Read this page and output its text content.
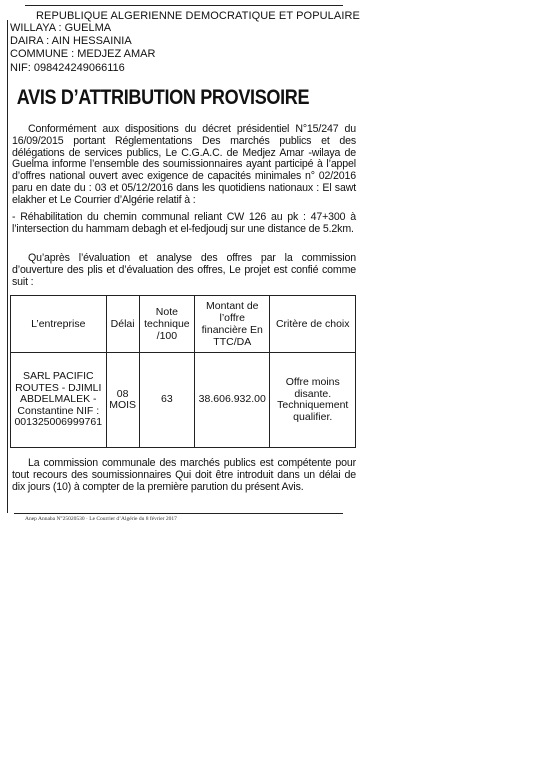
REPUBLIQUE ALGERIENNE DEMOCRATIQUE ET POPULAIRE
WILLAYA : GUELMA
DAIRA : AIN HESSAINIA
COMMUNE : MEDJEZ AMAR
NIF: 098424249066116
AVIS D’ATTRIBUTION PROVISOIRE
Conformément aux dispositions du décret présidentiel N°15/247 du 16/09/2015 portant Réglementations Des marchés publics et des délégations de services publics, Le C.G.A.C. de Medjez Amar -wilaya de Guelma informe l’ensemble des soumissionnaires ayant participé à l’appel d’offres national ouvert avec exigence de capacités minimales n° 02/2016 paru en date du : 03 et 05/12/2016 dans les quotidiens nationaux : El sawt elakher et Le Courrier d’Algérie relatif à :
- Réhabilitation du chemin communal reliant CW 126 au pk : 47+300 à l’intersection du hammam debagh et el-fedjoudj sur une distance de 5.2km.
Qu’après l’évaluation et analyse des offres par la commission d’ouverture des plis et d’évaluation des offres, Le projet est confié comme suit :
L’entreprise	Délai	Note technique /100	Montant de l’offre financière En TTC/DA	Critère de choix
SARL PACIFIC ROUTES - DJIMLI ABDELMALEK - Constantine NIF : 001325006999761	08 MOIS	63	38.606.932.00	Offre moins disante. Techniquement qualifier.
La commission communale des marchés publics est compétente pour tout recours des soumissionnaires Qui doit être introduit dans un délai de dix jours (10) à compter de la première parution du présent Avis.
Anep Annaba N°25020530 · Le Courrier d’Algérie du 8 février 2017
